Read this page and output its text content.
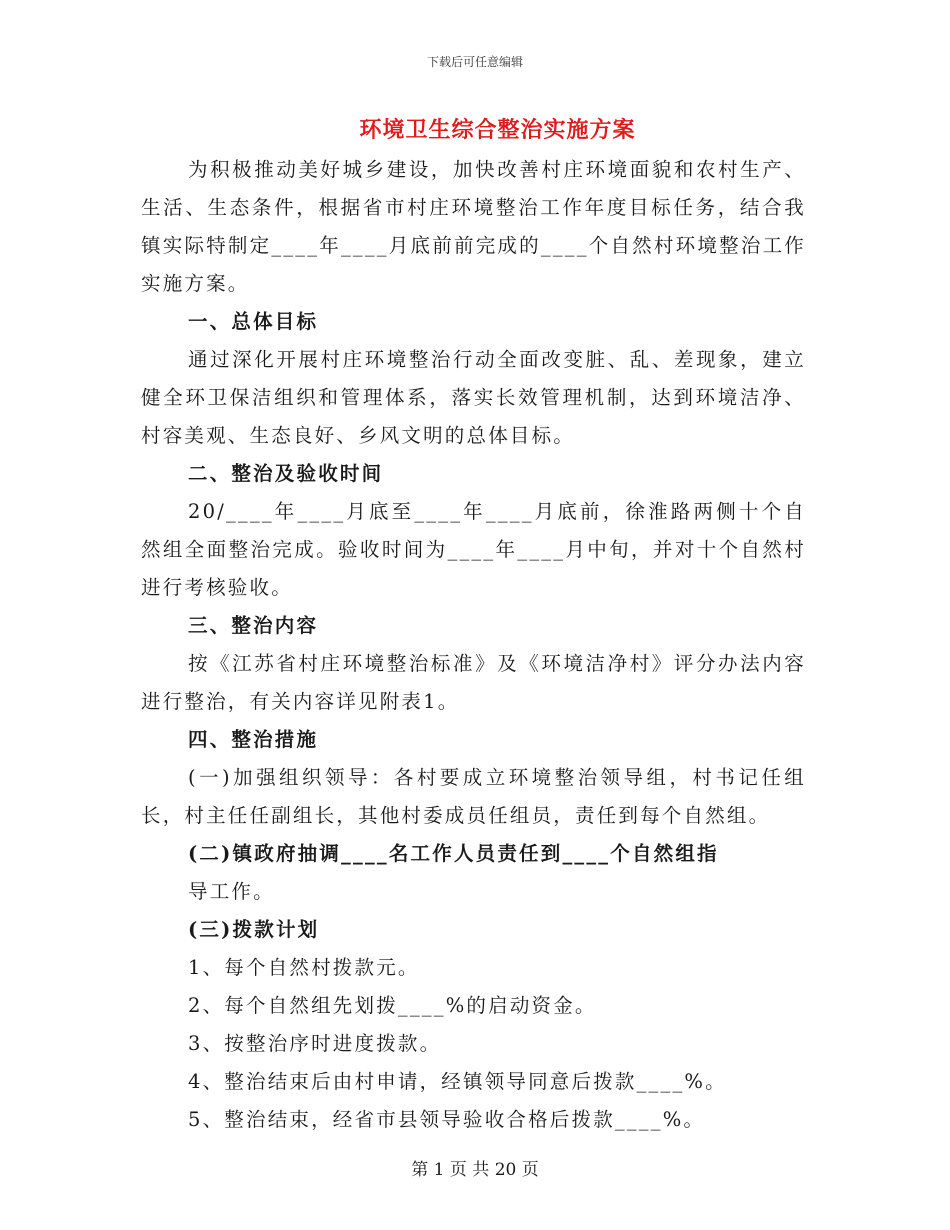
下载后可任意编辑
环境卫生综合整治实施方案

为积极推动美好城乡建设，加快改善村庄环境面貌和农村生产、生活、生态条件，根据省市村庄环境整治工作年度目标任务，结合我镇实际特制定____年____月底前前完成的____个自然村环境整治工作实施方案。

一、总体目标

通过深化开展村庄环境整治行动全面改变脏、乱、差现象，建立健全环卫保洁组织和管理体系，落实长效管理机制，达到环境洁净、村容美观、生态良好、乡风文明的总体目标。

二、整治及验收时间

20/____年____月底至____年____月底前，徐淮路两侧十个自然组全面整治完成。验收时间为____年____月中旬，并对十个自然村进行考核验收。

三、整治内容

按《江苏省村庄环境整治标准》及《环境洁净村》评分办法内容进行整治，有关内容详见附表1。

四、整治措施

(一)加强组织领导：各村要成立环境整治领导组，村书记任组长，村主任任副组长，其他村委成员任组员，责任到每个自然组。

(二)镇政府抽调____名工作人员责任到____个自然组指

导工作。

(三)拨款计划

1、每个自然村拨款元。

2、每个自然组先划拨____%的启动资金。

3、按整治序时进度拨款。

4、整治结束后由村申请，经镇领导同意后拨款____%。

5、整治结束，经省市县领导验收合格后拨款____%。

第 1 页 共 20 页
